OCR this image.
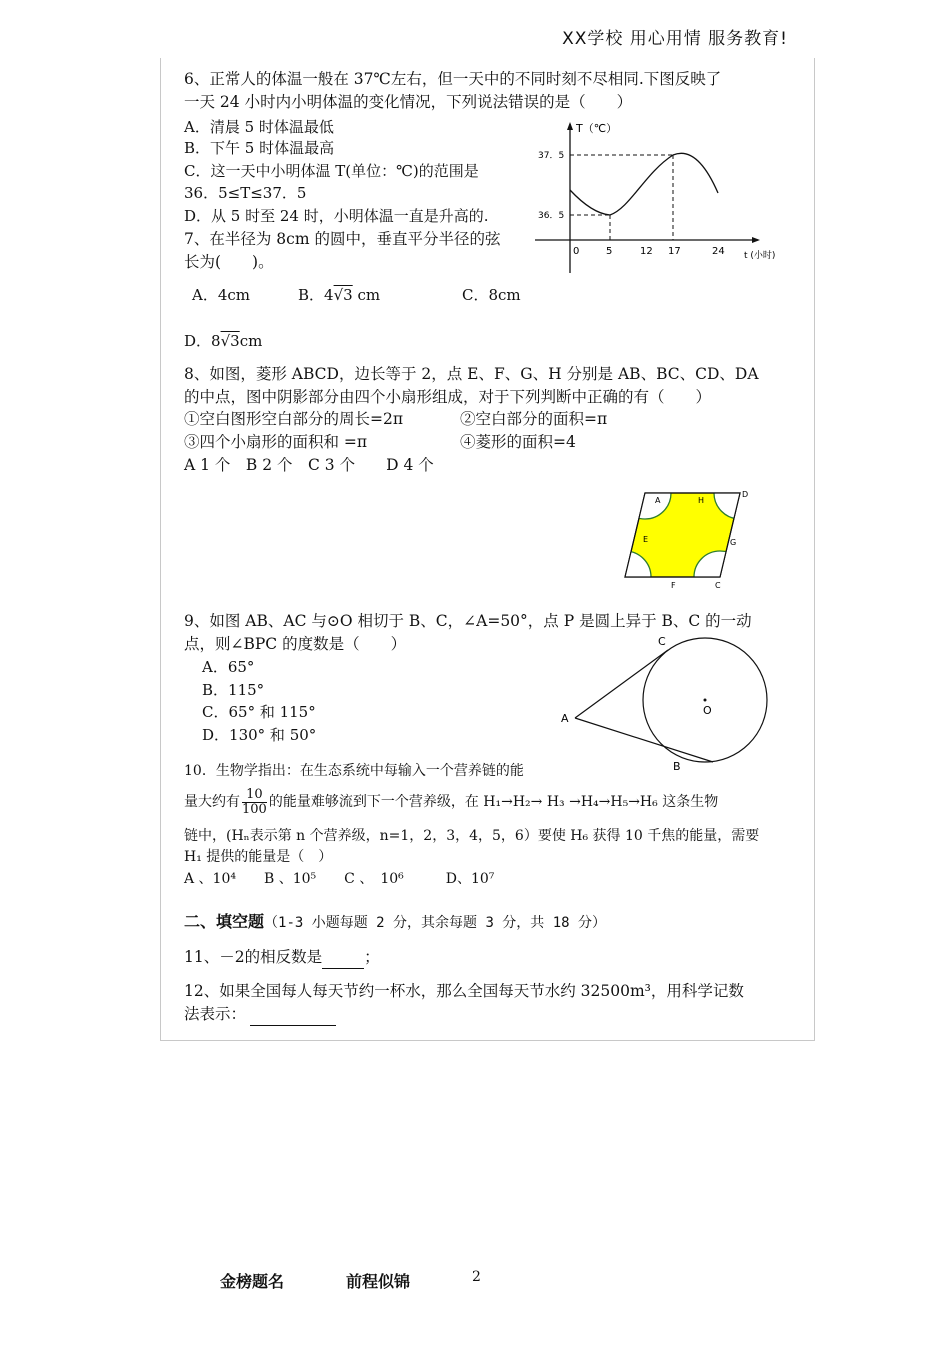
XX学校 用心用情 服务教育!
6、正常人的体温一般在 37℃左右，但一天中的不同时刻不尽相同.下图反映了
一天 24 小时内小明体温的变化情况，下列说法错误的是（　　）
A．清晨 5 时体温最低
B．下午 5 时体温最高
C．这一天中小明体温 T(单位：℃)的范围是
36．5≤T≤37．5
D．从 5 时至 24 时，小明体温一直是升高的.
T（℃）
37．5
36．5
0	5	12 17	24 t (小时)
7、在半径为 8cm 的圆中，垂直平分半径的弦
长为(　　)。
A．4cm	B．4√3 cm	C．8cm
D．8√3cm
8、如图，菱形 ABCD，边长等于 2，点 E、F、G、H 分别是 AB、BC、CD、DA
的中点，图中阴影部分由四个小扇形组成，对于下列判断中正确的有（　　）
①空白图形空白部分的周长=2π	②空白部分的面积=π
③四个小扇形的面积和 =π	④菱形的面积=4
A 1 个　B 2 个　C 3 个　　D 4 个
A	H
D
E	G
F	C
9、如图 AB、AC 与⊙O 相切于 B、C，∠A=50°，点 P 是圆上异于 B、C 的一动
点，则∠BPC 的度数是（　　）
A．65°
B．115°
C．65° 和 115°
D．130° 和 50°
C
A
O
B
10．生物学指出：在生态系统中每输入一个营养链的能
量大约有 $\frac{10}{100}$ 的能量难够流到下一个营养级，在 H₁→H₂→ H₃ →H₄→H₅→H₆ 这条生物
链中，(Hₙ表示第 n 个营养级，n=1，2，3，4，5，6）要使 H₆ 获得 10 千焦的能量，需要
H₁ 提供的能量是（　）
A 、10⁴　　B 、10⁵　　C 、　10⁶　　　D、10⁷
二、填空题（1-3 小题每题 2 分，其余每题 3 分，共 18 分）
11、－2的相反数是	；
12、如果全国每人每天节约一杯水，那么全国每天节水约 32500m³，用科学记数
法表示：
金榜题名	前程似锦	2
